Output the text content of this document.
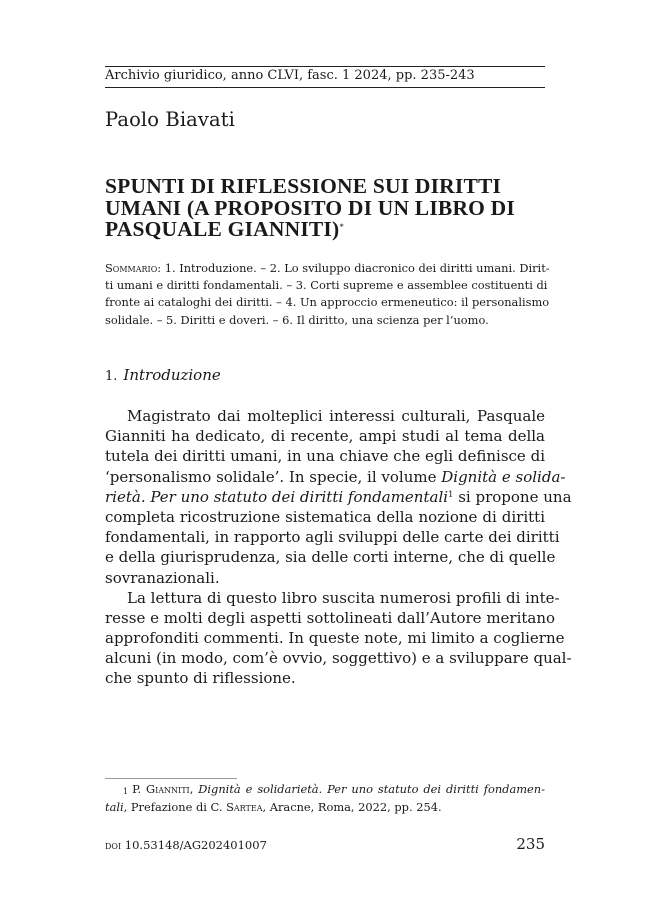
Archivio giuridico, anno CLVI, fasc. 1 2024, pp. 235-243
Paolo Biavati
SPUNTI DI RIFLESSIONE SUI DIRITTI
UMANI (A PROPOSITO DI UN LIBRO DI
PASQUALE GIANNITI)*
Sommario: 1. Introduzione. – 2. Lo sviluppo diacronico dei diritti umani. Dirit-
ti umani e diritti fondamentali. – 3. Corti supreme e assemblee costituenti di
fronte ai cataloghi dei diritti. – 4. Un approccio ermeneutico: il personalismo
solidale. – 5. Diritti e doveri. – 6. Il diritto, una scienza per l’uomo.
1. Introduzione
Magistrato dai molteplici interessi culturali, Pasquale
Gianniti ha dedicato, di recente, ampi studi al tema della
tutela dei diritti umani, in una chiave che egli definisce di
‘personalismo solidale’. In specie, il volume Dignità e solida-
rietà. Per uno statuto dei diritti fondamentali$^1$ si propone una
completa ricostruzione sistematica della nozione di diritti
fondamentali, in rapporto agli sviluppi delle carte dei diritti
e della giurisprudenza, sia delle corti interne, che di quelle
sovranazionali.
La lettura di questo libro suscita numerosi profili di inte-
resse e molti degli aspetti sottolineati dall’Autore meritano
approfonditi commenti. In queste note, mi limito a coglierne
alcuni (in modo, com’è ovvio, soggettivo) e a sviluppare qual-
che spunto di riflessione.
$^1$ P. Gianniti, Dignità e solidarietà. Per uno statuto dei diritti fondamen-
tali, Prefazione di C. Sartea, Aracne, Roma, 2022, pp. 254.
doi 10.53148/AG202401007	235
